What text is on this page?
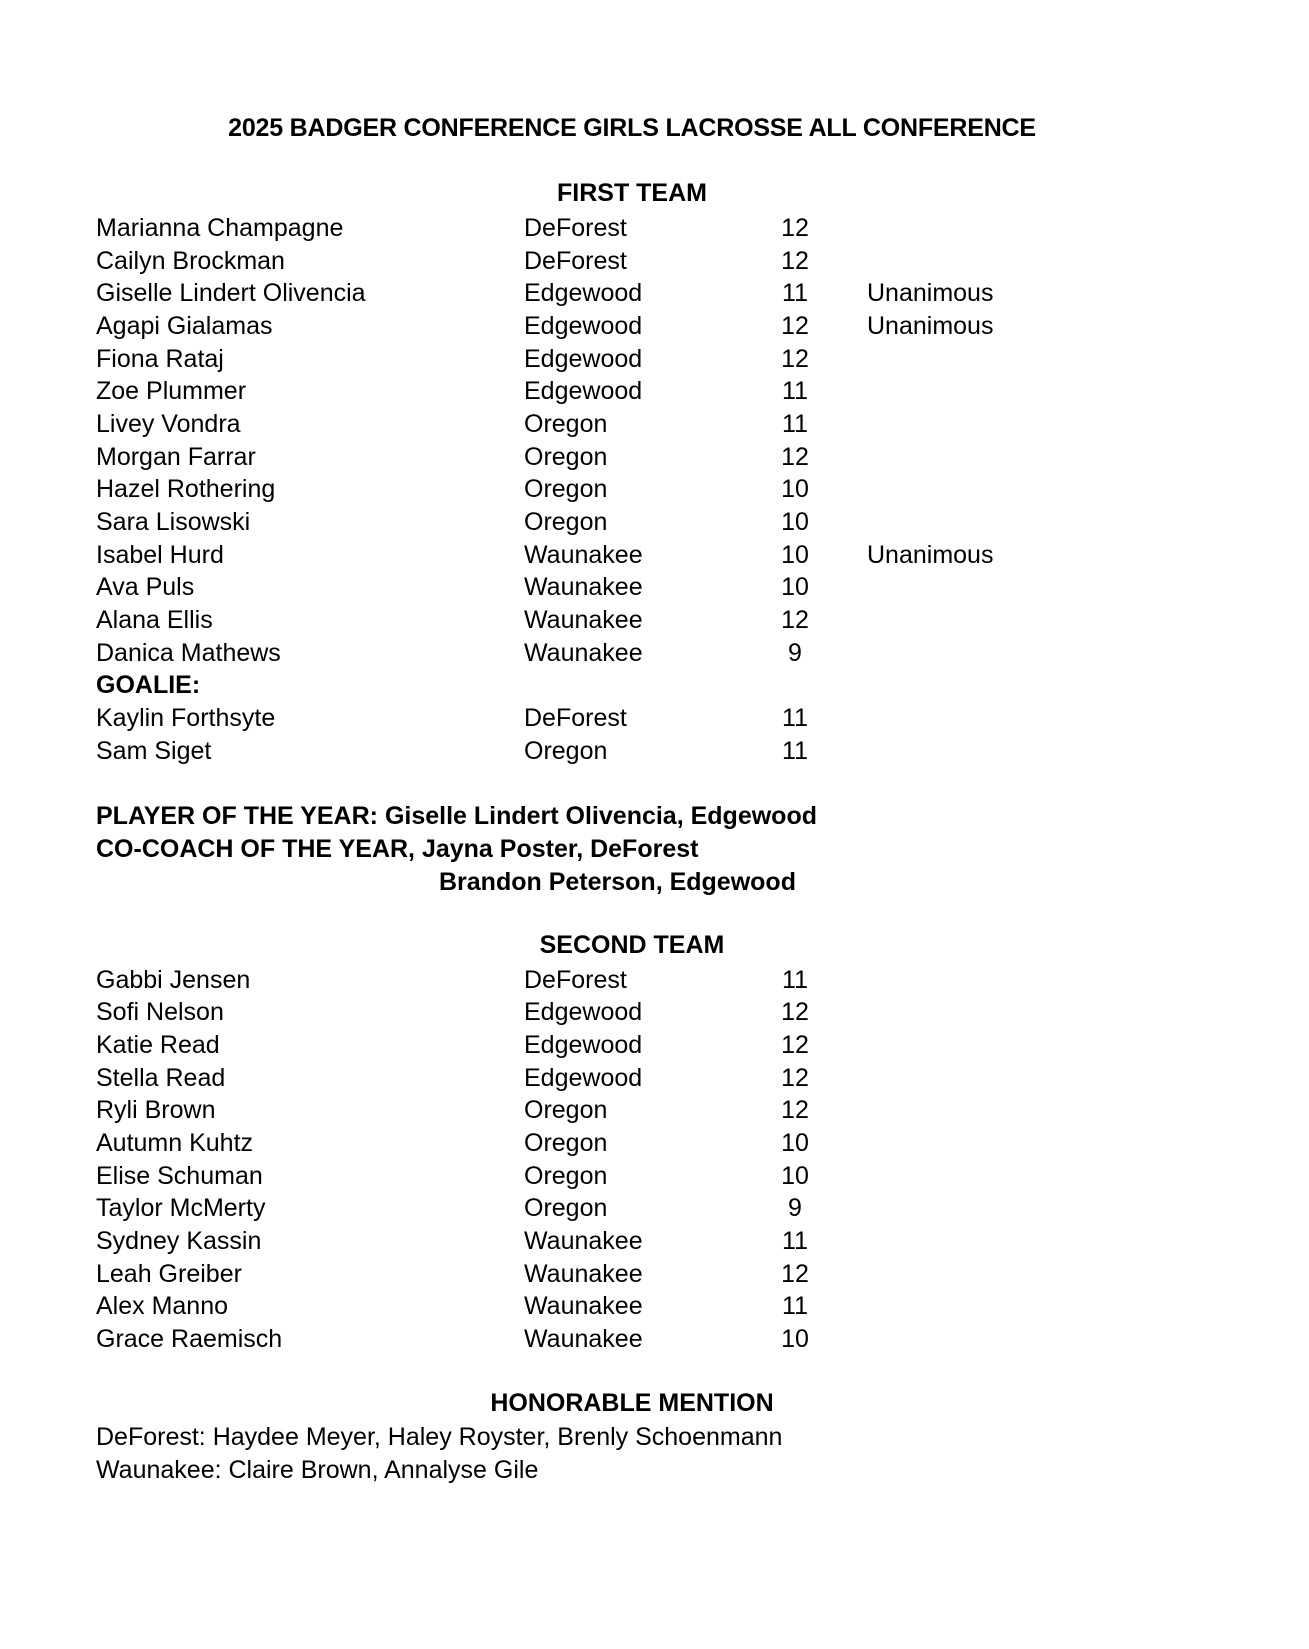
2025 BADGER CONFERENCE GIRLS LACROSSE ALL CONFERENCE
FIRST TEAM
Marianna Champagne	DeForest	12
Cailyn Brockman	DeForest	12
Giselle Lindert Olivencia	Edgewood	11	Unanimous
Agapi Gialamas	Edgewood	12 Unanimous
Fiona Rataj	Edgewood	12
Zoe Plummer	Edgewood	11
Livey Vondra	Oregon	11
Morgan Farrar	Oregon	12
Hazel Rothering	Oregon	10
Sara Lisowski	Oregon	10
Isabel Hurd	Waunakee	10 Unanimous
Ava Puls	Waunakee	10
Alana Ellis	Waunakee	12
Danica Mathews	Waunakee	9
GOALIE:
Kaylin Forthsyte	DeForest	11
Sam Siget	Oregon	11
PLAYER OF THE YEAR: Giselle Lindert Olivencia, Edgewood
CO-COACH OF THE YEAR, Jayna Poster, DeForest
Brandon Peterson, Edgewood
SECOND TEAM
Gabbi Jensen	DeForest	11
Sofi Nelson	Edgewood	12
Katie Read	Edgewood	12
Stella Read	Edgewood	12
Ryli Brown	Oregon	12
Autumn Kuhtz	Oregon	10
Elise Schuman	Oregon	10
Taylor McMerty	Oregon	9
Sydney Kassin	Waunakee	11
Leah Greiber	Waunakee	12
Alex Manno	Waunakee	11
Grace Raemisch	Waunakee	10
HONORABLE MENTION
DeForest: Haydee Meyer, Haley Royster, Brenly Schoenmann
Waunakee: Claire Brown, Annalyse Gile
